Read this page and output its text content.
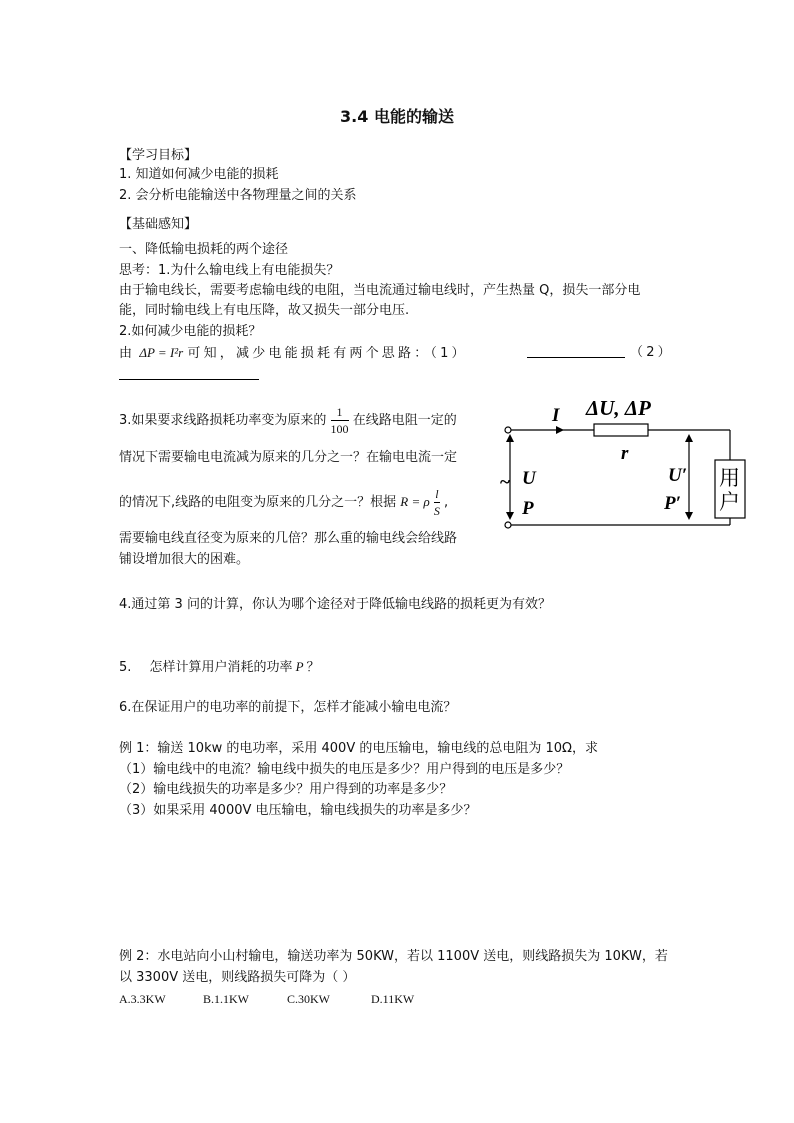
3.4 电能的输送
【学习目标】
1. 知道如何减少电能的损耗
2. 会分析电能输送中各物理量之间的关系
【基础感知】
一、降低输电损耗的两个途径
思考：1.为什么输电线上有电能损失？
由于输电线长，需要考虑输电线的电阻，当电流通过输电线时，产生热量 Q，损失一部分电
能，同时输电线上有电压降，故又损失一部分电压.
2.如何减少电能的损耗？
由 ΔP = I²r 可知，减少电能损耗有两个思路：（1）	（2）
3.如果要求线路损耗功率变为原来的 $\frac{1}{100}$ 在线路电阻一定的
情况下需要输电电流减为原来的几分之一？在输电电流一定
的情况下,线路的电阻变为原来的几分之一？根据 R = ρ $\frac{l}{S}$ ,
需要输电线直径变为原来的几倍？那么重的输电线会给线路
铺设增加很大的困难。
I ΔU, ΔP
r
~ U
P
U′
P′
用
户
4.通过第 3 问的计算，你认为哪个途径对于降低输电线路的损耗更为有效？
5. 怎样计算用户消耗的功率 P ？
6.在保证用户的电功率的前提下，怎样才能减小输电电流？
例 1：输送 10kw 的电功率，采用 400V 的电压输电，输电线的总电阻为 10Ω，求
（1）输电线中的电流？输电线中损失的电压是多少？用户得到的电压是多少？
（2）输电线损失的功率是多少？用户得到的功率是多少？
（3）如果采用 4000V 电压输电，输电线损失的功率是多少？
例 2：水电站向小山村输电，输送功率为 50KW，若以 1100V 送电，则线路损失为 10KW，若
以 3300V 送电，则线路损失可降为（ ）
A.3.3KW	B.1.1KW	C.30KW	D.11KW
